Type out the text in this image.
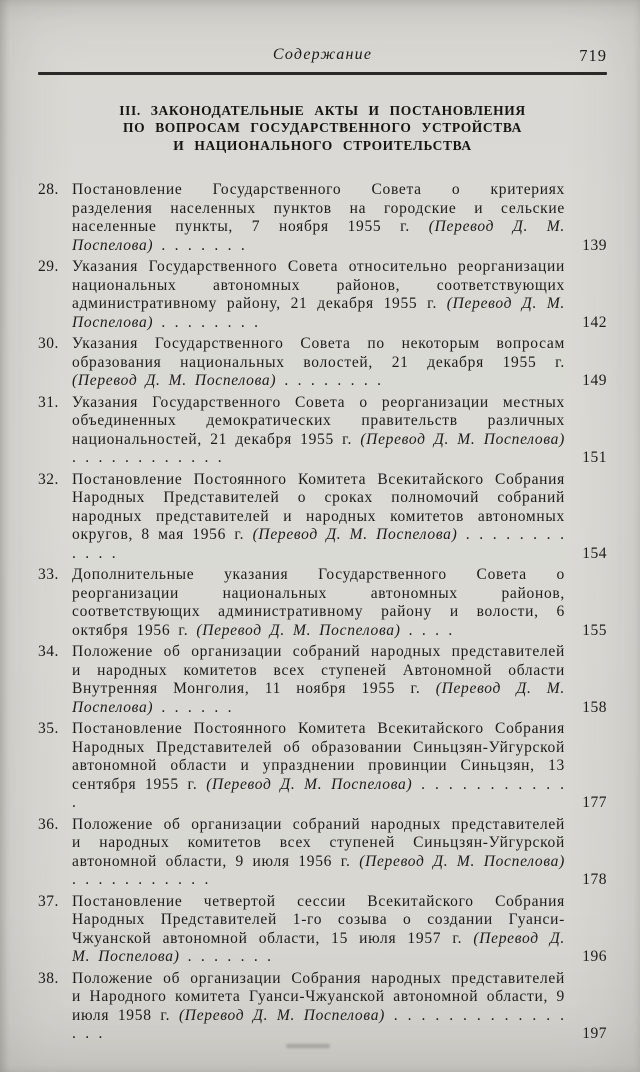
Содержание	719
III. ЗАКОНОДАТЕЛЬНЫЕ АКТЫ И ПОСТАНОВЛЕНИЯ
ПО ВОПРОСАМ ГОСУДАРСТВЕННОГО УСТРОЙСТВА
И НАЦИОНАЛЬНОГО СТРОИТЕЛЬСТВА
28. Постановление Государственного Совета о критериях разделения населенных пунктов на городские и сельские населенные пункты, 7 ноября 1955 г. (Перевод Д. М. Поспелова) . . . . . . .	139
29. Указания Государственного Совета относительно реорганизации национальных автономных районов, соответствующих административному району, 21 декабря 1955 г. (Перевод Д. М. Поспелова) . . . . . . . .	142
30. Указания Государственного Совета по некоторым вопросам образования национальных волостей, 21 декабря 1955 г. (Перевод Д. М. Поспелова) . . . . . . . .	149
31. Указания Государственного Совета о реорганизации местных объединенных демократических правительств различных национальностей, 21 декабря 1955 г. (Перевод Д. М. Поспелова) . . . . . . . . . . . .	151
32. Постановление Постоянного Комитета Всекитайского Собрания Народных Представителей о сроках полномочий собраний народных представителей и народных комитетов автономных округов, 8 мая 1956 г. (Перевод Д. М. Поспелова) . . . . . . . . . . . .	154
33. Дополнительные указания Государственного Совета о реорганизации национальных автономных районов, соответствующих административному району и волости, 6 октября 1956 г. (Перевод Д. М. Поспелова) . . . .	155
34. Положение об организации собраний народных представителей и народных комитетов всех ступеней Автономной области Внутренняя Монголия, 11 ноября 1955 г. (Перевод Д. М. Поспелова) . . . . . .	158
35. Постановление Постоянного Комитета Всекитайского Собрания Народных Представителей об образовании Синьцзян-Уйгурской автономной области и упразднении провинции Синьцзян, 13 сентября 1955 г. (Перевод Д. М. Поспелова) . . . . . . . . . . . .	177
36. Положение об организации собраний народных представителей и народных комитетов всех ступеней Синьцзян-Уйгурской автономной области, 9 июля 1956 г. (Перевод Д. М. Поспелова) . . . . . . . . . . .	178
37. Постановление четвертой сессии Всекитайского Собрания Народных Представителей 1-го созыва о создании Гуанси-Чжуанской автономной области, 15 июля 1957 г. (Перевод Д. М. Поспелова) . . . . . . .	196
38. Положение об организации Собрания народных представителей и Народного комитета Гуанси-Чжуанской автономной области, 9 июля 1958 г. (Перевод Д. М. Поспелова) . . . . . . . . . . . . . . . .	197
